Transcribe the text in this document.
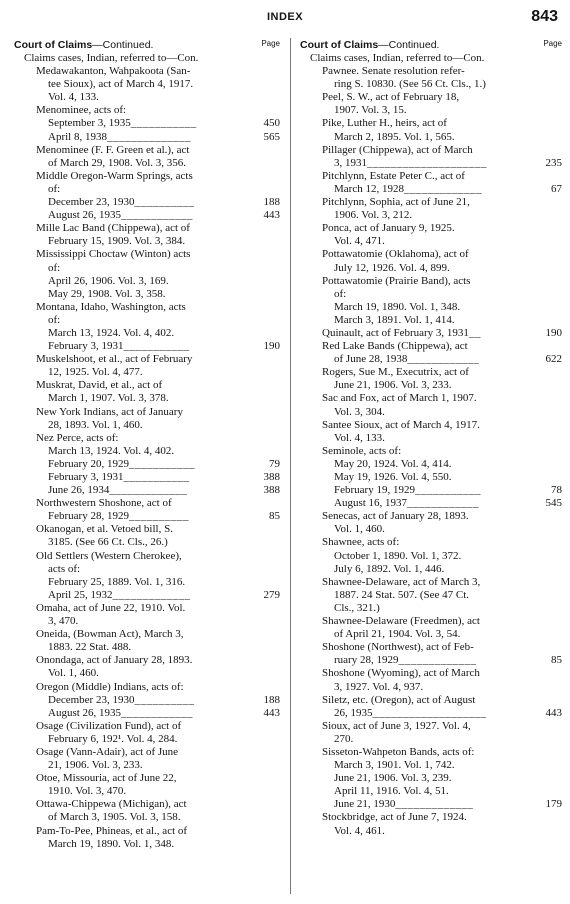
INDEX	843
Court of Claims—Continued.	Page
Claims cases, Indian, referred to—Con.
Medawakanton, Wahpakoota (San-
tee Sioux), act of March 4, 1917.
Vol. 4, 133.
Menominee, acts of:
September 3, 1935___________	450
April 8, 1938______________	565
Menominee (F. F. Green et al.), act
of March 29, 1908. Vol. 3, 356.
Middle Oregon-Warm Springs, acts
of:
December 23, 1930__________	188
August 26, 1935____________	443
Mille Lac Band (Chippewa), act of
February 15, 1909. Vol. 3, 384.
Mississippi Choctaw (Winton) acts
of:
April 26, 1906. Vol. 3, 169.
May 29, 1908. Vol. 3, 358.
Montana, Idaho, Washington, acts
of:
March 13, 1924. Vol. 4, 402.
February 3, 1931___________	190
Muskelshoot, et al., act of February
12, 1925. Vol. 4, 477.
Muskrat, David, et al., act of
March 1, 1907. Vol. 3, 378.
New York Indians, act of January
28, 1893. Vol. 1, 460.
Nez Perce, acts of:
March 13, 1924. Vol. 4, 402.
February 20, 1929___________	79
February 3, 1931___________	388
June 26, 1934_____________	388
Northwestern Shoshone, act of
February 28, 1929__________	85
Okanogan, et al. Vetoed bill, S.
3185. (See 66 Ct. Cls., 26.)
Old Settlers (Western Cherokee),
acts of:
February 25, 1889. Vol. 1, 316.
April 25, 1932_____________	279
Omaha, act of June 22, 1910. Vol.
3, 470.
Oneida, (Bowman Act), March 3,
1883. 22 Stat. 488.
Onondaga, act of January 28, 1893.
Vol. 1, 460.
Oregon (Middle) Indians, acts of:
December 23, 1930__________	188
August 26, 1935____________	443
Osage (Civilization Fund), act of
February 6, 192¹. Vol. 4, 284.
Osage (Vann-Adair), act of June
21, 1906. Vol. 3, 233.
Otoe, Missouria, act of June 22,
1910. Vol. 3, 470.
Ottawa-Chippewa (Michigan), act
of March 3, 1905. Vol. 3, 158.
Pam-To-Pee, Phineas, et al., act of
March 19, 1890. Vol. 1, 348.
Court of Claims—Continued.	Page
Claims cases, Indian, referred to—Con.
Pawnee. Senate resolution refer-
ring S. 10830. (See 56 Ct. Cls., 1.)
Peel, S. W., act of February 18,
1907. Vol. 3, 15.
Pike, Luther H., heirs, act of
March 2, 1895. Vol. 1, 565.
Pillager (Chippewa), act of March
3, 1931____________________	235
Pitchlynn, Estate Peter C., act of
March 12, 1928_____________	67
Pitchlynn, Sophia, act of June 21,
1906. Vol. 3, 212.
Ponca, act of January 9, 1925.
Vol. 4, 471.
Pottawatomie (Oklahoma), act of
July 12, 1926. Vol. 4, 899.
Pottawatomie (Prairie Band), acts
of:
March 19, 1890. Vol. 1, 348.
March 3, 1891. Vol. 1, 414.
Quinault, act of February 3, 1931__	190
Red Lake Bands (Chippewa), act
of June 28, 1938____________	622
Rogers, Sue M., Executrix, act of
June 21, 1906. Vol. 3, 233.
Sac and Fox, act of March 1, 1907.
Vol. 3, 304.
Santee Sioux, act of March 4, 1917.
Vol. 4, 133.
Seminole, acts of:
May 20, 1924. Vol. 4, 414.
May 19, 1926. Vol. 4, 550.
February 19, 1929___________	78
August 16, 1937____________	545
Senecas, act of January 28, 1893.
Vol. 1, 460.
Shawnee, acts of:
October 1, 1890. Vol. 1, 372.
July 6, 1892. Vol. 1, 446.
Shawnee-Delaware, act of March 3,
1887. 24 Stat. 507. (See 47 Ct.
Cls., 321.)
Shawnee-Delaware (Freedmen), act
of April 21, 1904. Vol. 3, 54.
Shoshone (Northwest), act of Feb-
ruary 28, 1929_____________	85
Shoshone (Wyoming), act of March
3, 1927. Vol. 4, 937.
Siletz, etc. (Oregon), act of August
26, 1935___________________	443
Sioux, act of June 3, 1927. Vol. 4,
270.
Sisseton-Wahpeton Bands, acts of:
March 3, 1901. Vol. 1, 742.
June 21, 1906. Vol. 3, 239.
April 11, 1916. Vol. 4, 51.
June 21, 1930_____________	179
Stockbridge, act of June 7, 1924.
Vol. 4, 461.
